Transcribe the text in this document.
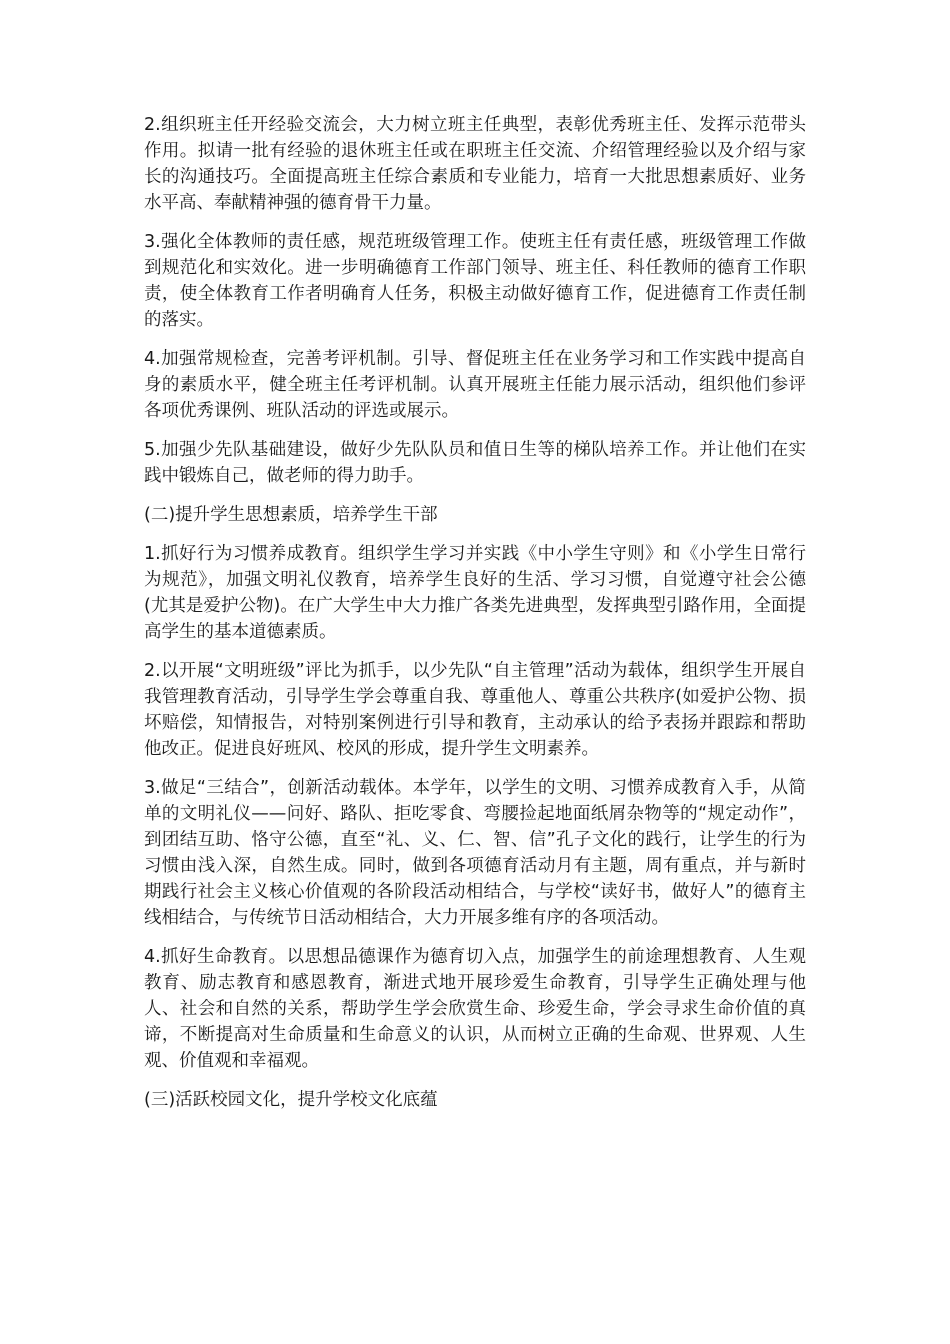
2.组织班主任开经验交流会，大力树立班主任典型，表彰优秀班主任、发挥示范带头作用。拟请一批有经验的退休班主任或在职班主任交流、介绍管理经验以及介绍与家长的沟通技巧。全面提高班主任综合素质和专业能力，培育一大批思想素质好、业务水平高、奉献精神强的德育骨干力量。

3.强化全体教师的责任感，规范班级管理工作。使班主任有责任感，班级管理工作做到规范化和实效化。进一步明确德育工作部门领导、班主任、科任教师的德育工作职责，使全体教育工作者明确育人任务，积极主动做好德育工作，促进德育工作责任制的落实。

4.加强常规检查，完善考评机制。引导、督促班主任在业务学习和工作实践中提高自身的素质水平，健全班主任考评机制。认真开展班主任能力展示活动，组织他们参评各项优秀课例、班队活动的评选或展示。

5.加强少先队基础建设，做好少先队队员和值日生等的梯队培养工作。并让他们在实践中锻炼自己，做老师的得力助手。

(二)提升学生思想素质，培养学生干部

1.抓好行为习惯养成教育。组织学生学习并实践《中小学生守则》和《小学生日常行为规范》，加强文明礼仪教育，培养学生良好的生活、学习习惯，自觉遵守社会公德(尤其是爱护公物)。在广大学生中大力推广各类先进典型，发挥典型引路作用，全面提高学生的基本道德素质。

2.以开展“文明班级”评比为抓手，以少先队“自主管理”活动为载体，组织学生开展自我管理教育活动，引导学生学会尊重自我、尊重他人、尊重公共秩序(如爱护公物、损坏赔偿，知情报告，对特别案例进行引导和教育，主动承认的给予表扬并跟踪和帮助他改正。促进良好班风、校风的形成，提升学生文明素养。

3.做足“三结合”，创新活动载体。本学年，以学生的文明、习惯养成教育入手，从简单的文明礼仪——问好、路队、拒吃零食、弯腰捡起地面纸屑杂物等的“规定动作”，到团结互助、恪守公德，直至“礼、义、仁、智、信”孔子文化的践行，让学生的行为习惯由浅入深，自然生成。同时，做到各项德育活动月有主题，周有重点，并与新时期践行社会主义核心价值观的各阶段活动相结合，与学校“读好书，做好人”的德育主线相结合，与传统节日活动相结合，大力开展多维有序的各项活动。

4.抓好生命教育。以思想品德课作为德育切入点，加强学生的前途理想教育、人生观教育、励志教育和感恩教育，渐进式地开展珍爱生命教育，引导学生正确处理与他人、社会和自然的关系，帮助学生学会欣赏生命、珍爱生命，学会寻求生命价值的真谛，不断提高对生命质量和生命意义的认识，从而树立正确的生命观、世界观、人生观、价值观和幸福观。

(三)活跃校园文化，提升学校文化底蕴
